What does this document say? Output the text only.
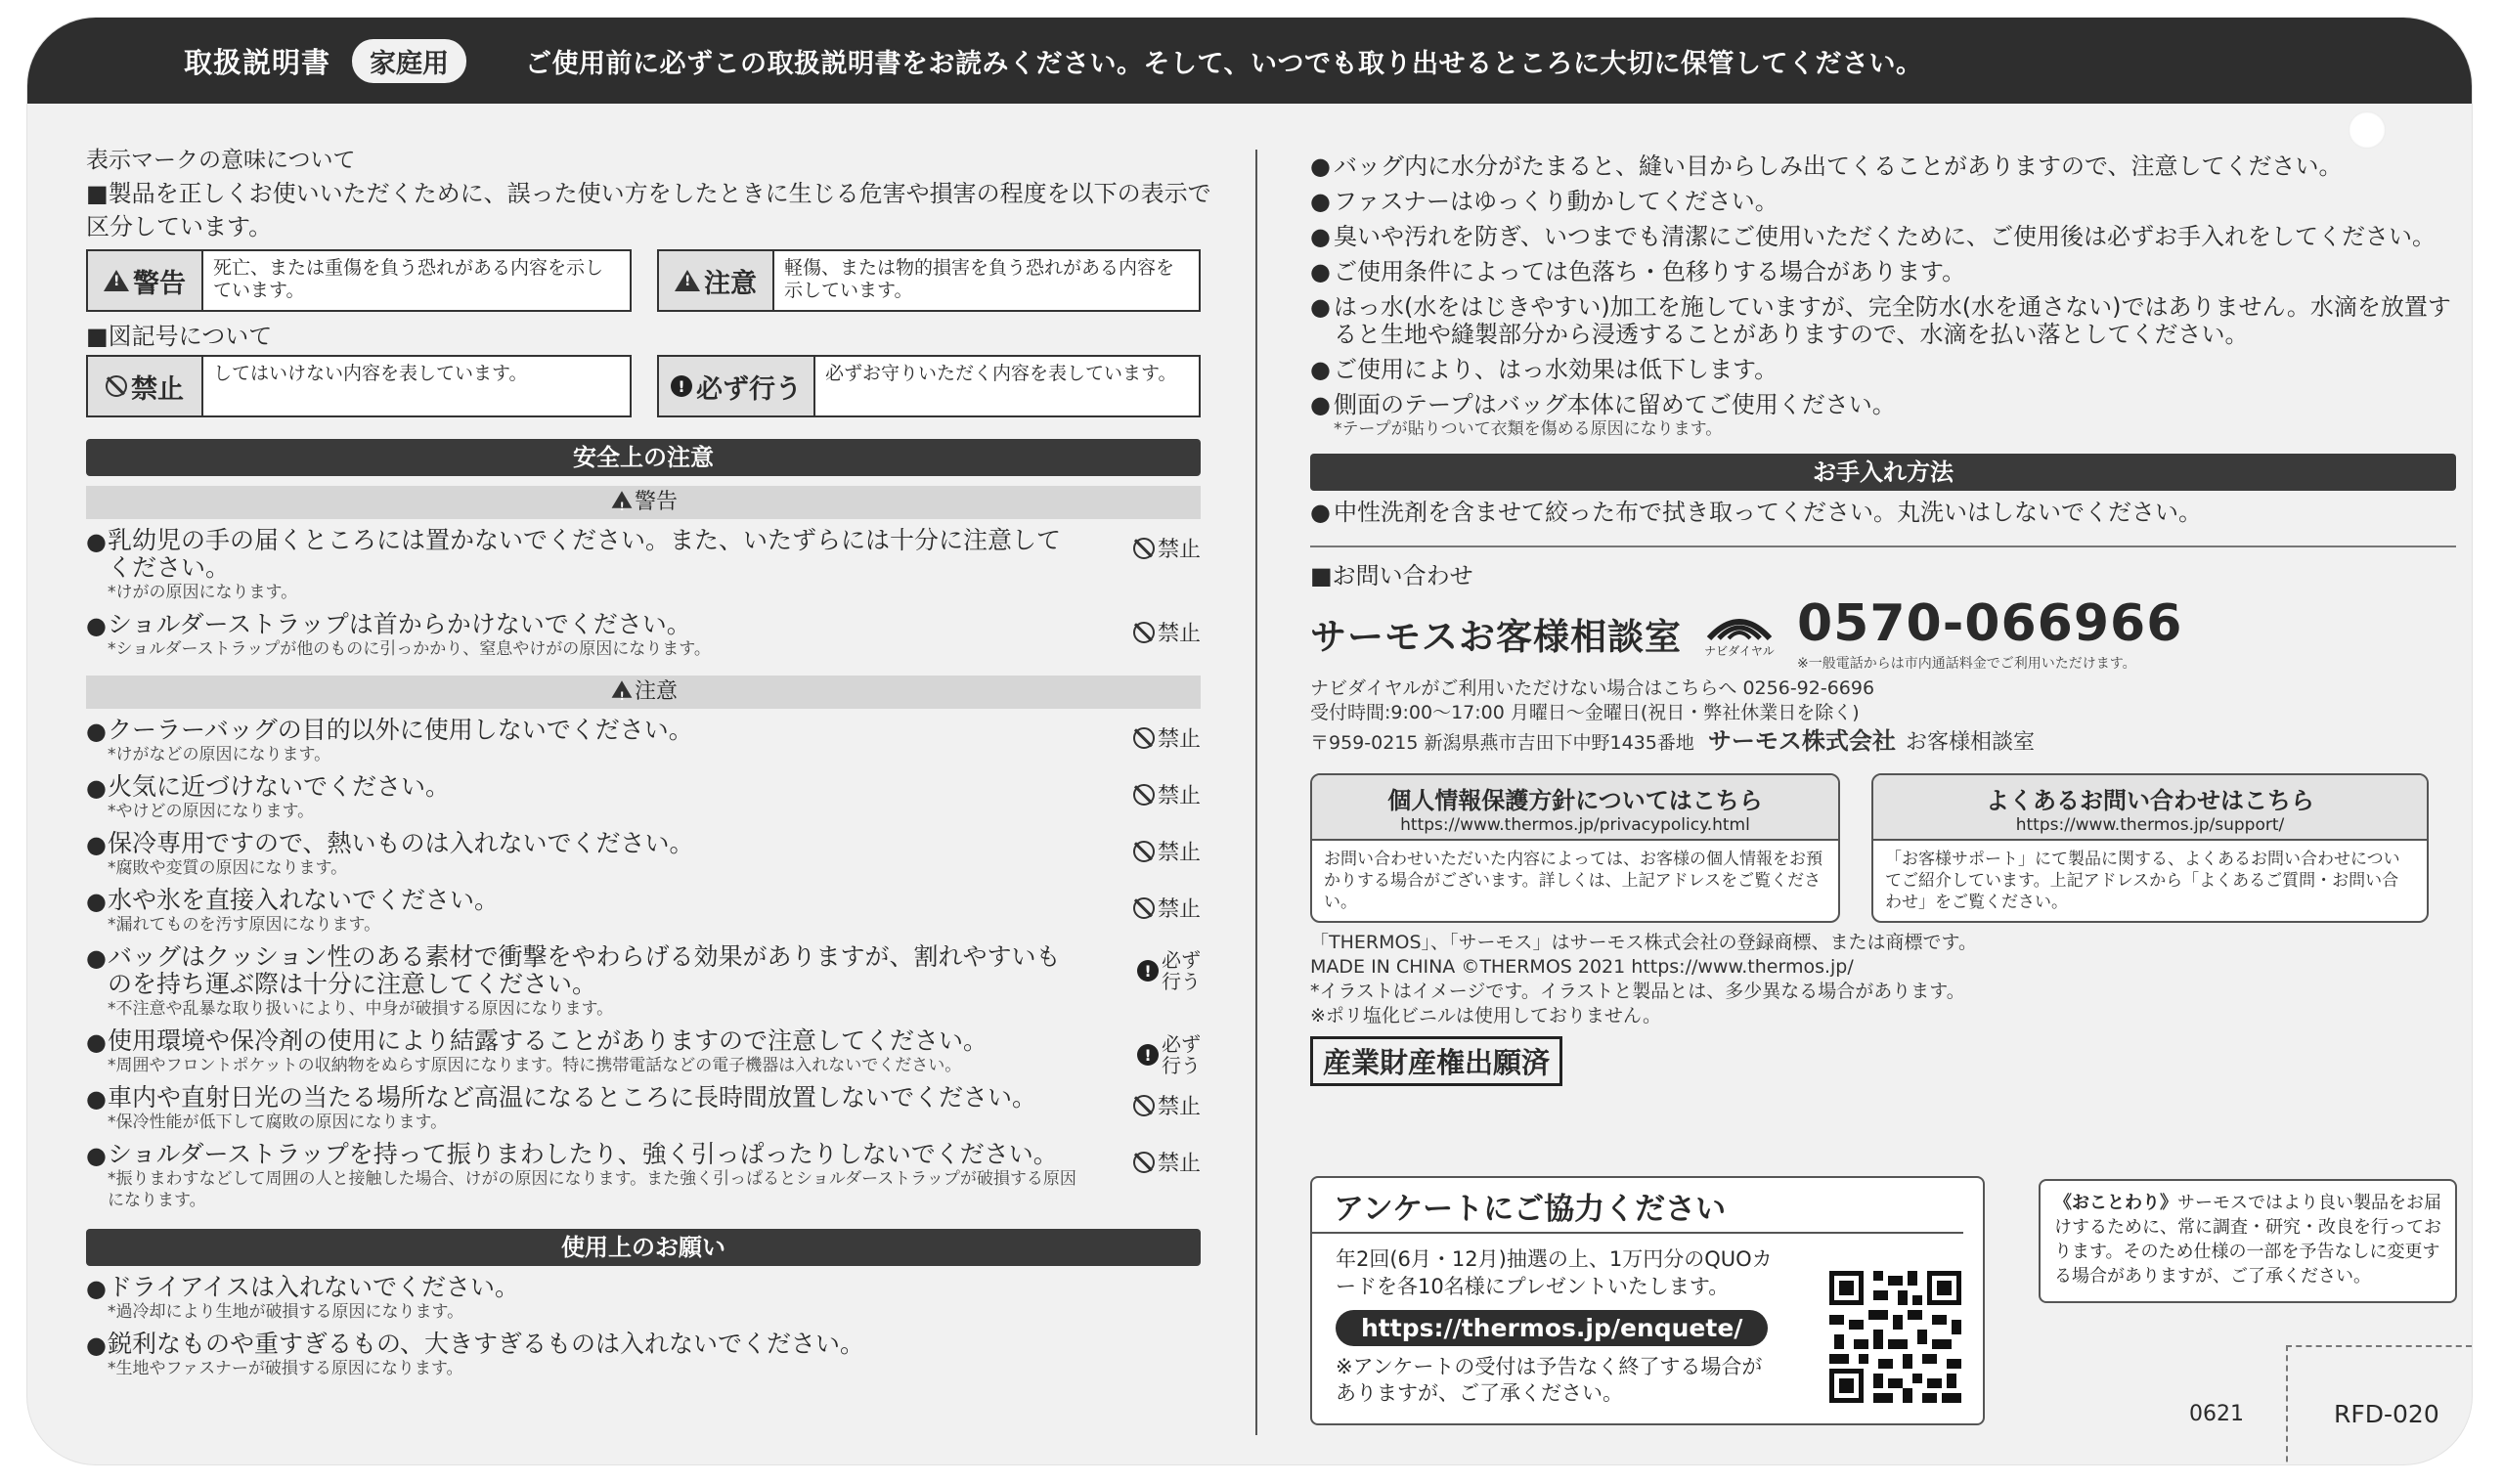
取扱説明書	家庭用	ご使用前に必ずこの取扱説明書をお読みください。そして、いつでも取り出せるところに大切に保管してください。
表示マークの意味について
■製品を正しくお使いいただくために、誤った使い方をしたときに生じる危害や損害の程度を以下の表示で区分しています。
!
警告
死亡、または重傷を負う恐れがある内容を示しています。
!	注意
軽傷、または物的損害を負う恐れがある内容を示しています。
■図記号について
禁止
してはいけない内容を表しています。
! 必ず行う
必ずお守りいただく内容を表しています。
安全上の注意
!警告
● 乳幼児の手の届くところには置かないでください。また、いたずらには十分に注意してください。
*けがの原因になります。
禁止
● ショルダーストラップは首からかけないでください。
*ショルダーストラップが他のものに引っかかり、窒息やけがの原因になります。
禁止
!注意
● クーラーバッグの目的以外に使用しないでください。
*けがなどの原因になります。
禁止
● 火気に近づけないでください。
*やけどの原因になります。
禁止
● 保冷専用ですので、熱いものは入れないでください。
*腐敗や変質の原因になります。
禁止
● 水や氷を直接入れないでください。
*漏れてものを汚す原因になります。
禁止
● バッグはクッション性のある素材で衝撃をやわらげる効果がありますが、割れやすいものを持ち運ぶ際は十分に注意してください。
*不注意や乱暴な取り扱いにより、中身が破損する原因になります。
! 必ず
行う
● 使用環境や保冷剤の使用により結露することがありますので注意してください。
*周囲やフロントポケットの収納物をぬらす原因になります。特に携帯電話などの電子機器は入れないでください。
! 必ず
行う
● 車内や直射日光の当たる場所など高温になるところに長時間放置しないでください。
*保冷性能が低下して腐敗の原因になります。
禁止
● ショルダーストラップを持って振りまわしたり、強く引っぱったりしないでください。
*振りまわすなどして周囲の人と接触した場合、けがの原因になります。また強く引っぱるとショルダーストラップが破損する原因になります。
禁止
使用上のお願い
● ドライアイスは入れないでください。
*過冷却により生地が破損する原因になります。
● 鋭利なものや重すぎるもの、大きすぎるものは入れないでください。
*生地やファスナーが破損する原因になります。
● バッグ内に水分がたまると、縫い目からしみ出てくることがありますので、注意してください。
● ファスナーはゆっくり動かしてください。
● 臭いや汚れを防ぎ、いつまでも清潔にご使用いただくために、ご使用後は必ずお手入れをしてください。
● ご使用条件によっては色落ち・色移りする場合があります。
● はっ水(水をはじきやすい)加工を施していますが、完全防水(水を通さない)ではありません。水滴を放置すると生地や縫製部分から浸透することがありますので、水滴を払い落としてください。
● ご使用により、はっ水効果は低下します。
● 側面のテープはバッグ本体に留めてご使用ください。
*テープが貼りついて衣類を傷める原因になります。
お手入れ方法
● 中性洗剤を含ませて絞った布で拭き取ってください。丸洗いはしないでください。
■お問い合わせ
サーモスお客様相談室 ナビダイヤル 0570-066966
※一般電話からは市内通話料金でご利用いただけます。
ナビダイヤルがご利用いただけない場合はこちらへ 0256-92-6696
受付時間:9:00〜17:00 月曜日〜金曜日(祝日・弊社休業日を除く)
〒959-0215 新潟県燕市吉田下中野1435番地 サーモス株式会社 お客様相談室
個人情報保護方針についてはこちら
https://www.thermos.jp/privacypolicy.html
お問い合わせいただいた内容によっては、お客様の個人情報をお預かりする場合がございます。詳しくは、上記アドレスをご覧ください。
よくあるお問い合わせはこちら
https://www.thermos.jp/support/
「お客様サポート」にて製品に関する、よくあるお問い合わせについてご紹介しています。上記アドレスから「よくあるご質問・お問い合わせ」をご覧ください。
「THERMOS」、「サーモス」はサーモス株式会社の登録商標、または商標です。
MADE IN CHINA ©THERMOS 2021 https://www.thermos.jp/
*イラストはイメージです。イラストと製品とは、多少異なる場合があります。
※ポリ塩化ビニルは使用しておりません。
産業財産権出願済
アンケートにご協力ください
年2回(6月・12月)抽選の上、1万円分のQUOカードを各10名様にプレゼントいたします。
https://thermos.jp/enquete/
※アンケートの受付は予告なく終了する場合がありますが、ご了承ください。
《おことわり》サーモスではより良い製品をお届けするために、常に調査・研究・改良を行っております。そのため仕様の一部を予告なしに変更する場合がありますが、ご了承ください。
0621	RFD-020
